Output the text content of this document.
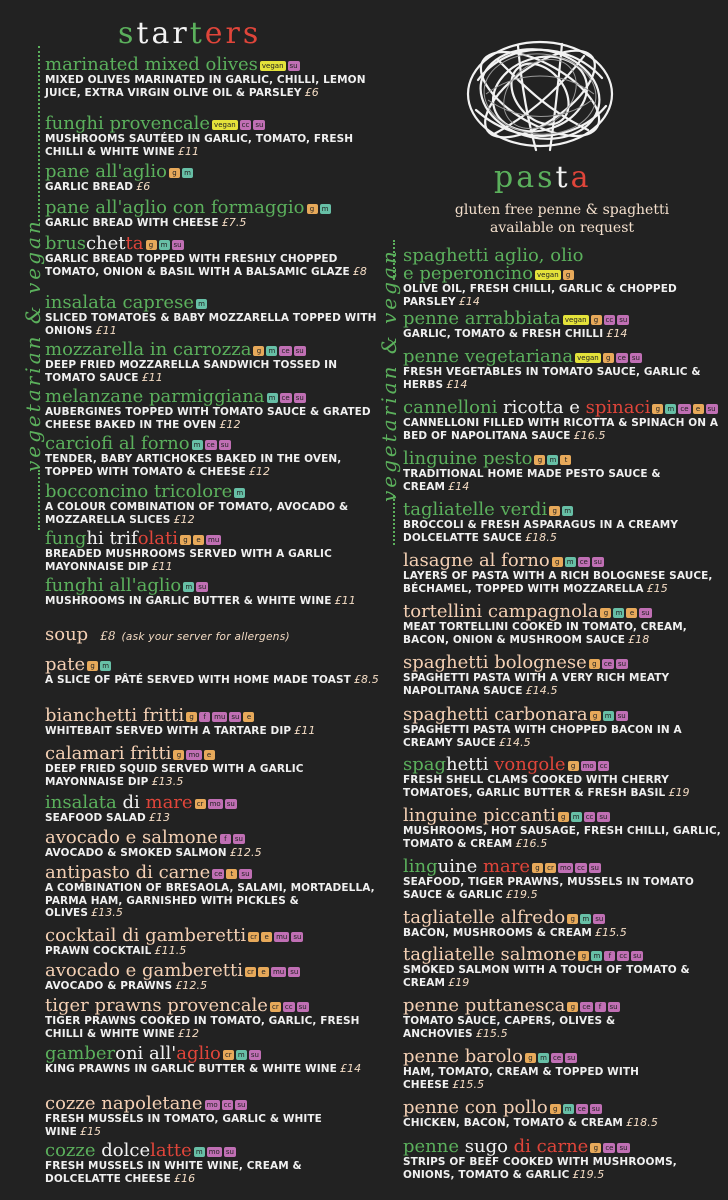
starters
vegetarian & vegan
marinated mixed olives vegan su
MIXED OLIVES MARINATED IN GARLIC, CHILLI, LEMON JUICE, EXTRA VIRGIN OLIVE OIL & PARSLEY £6
funghi provencale vegan cc su
MUSHROOMS SAUTÉED IN GARLIC, TOMATO, FRESH CHILLI & WHITE WINE £11
pane all'aglio g m
GARLIC BREAD £6
pane all'aglio con formaggio g m
GARLIC BREAD WITH CHEESE £7.5
bruschetta g m su
GARLIC BREAD TOPPED WITH FRESHLY CHOPPED TOMATO, ONION & BASIL WITH A BALSAMIC GLAZE £8
insalata caprese m
SLICED TOMATOES & BABY MOZZARELLA TOPPED WITH ONIONS £11
mozzarella in carrozza g m ce su
DEEP FRIED MOZZARELLA SANDWICH TOSSED IN TOMATO SAUCE £11
melanzane parmiggiana m ce su
AUBERGINES TOPPED WITH TOMATO SAUCE & GRATED CHEESE BAKED IN THE OVEN £12
carciofi al forno m ce su
TENDER, BABY ARTICHOKES BAKED IN THE OVEN, TOPPED WITH TOMATO & CHEESE £12
bocconcino tricolore m
A COLOUR COMBINATION OF TOMATO, AVOCADO & MOZZARELLA SLICES £12
funghi trifolati g e mu
BREADED MUSHROOMS SERVED WITH A GARLIC MAYONNAISE DIP £11
funghi all'aglio m su
MUSHROOMS IN GARLIC BUTTER & WHITE WINE £11
soup £8 (ask your server for allergens)
pate g m
A SLICE OF PÂTÉ SERVED WITH HOME MADE TOAST £8.5
bianchetti fritti g f mu su e
WHITEBAIT SERVED WITH A TARTARE DIP £11
calamari fritti g mo e
DEEP FRIED SQUID SERVED WITH A GARLIC MAYONNAISE DIP £13.5
insalata di mare cr mo su
SEAFOOD SALAD £13
avocado e salmone f su
AVOCADO & SMOKED SALMON £12.5
antipasto di carne ce t su
A COMBINATION OF BRESAOLA, SALAMI, MORTADELLA, PARMA HAM, GARNISHED WITH PICKLES & OLIVES £13.5
cocktail di gamberetti cr e mu su
PRAWN COCKTAIL £11.5
avocado e gamberetti cr e mu su
AVOCADO & PRAWNS £12.5
tiger prawns provencale cr cc su
TIGER PRAWNS COOKED IN TOMATO, GARLIC, FRESH CHILLI & WHITE WINE £12
gamberoni all'aglio cr m su
KING PRAWNS IN GARLIC BUTTER & WHITE WINE £14
cozze napoletane mo cc su
FRESH MUSSELS IN TOMATO, GARLIC & WHITE WINE £15
cozze dolcelatte m mo su
FRESH MUSSELS IN WHITE WINE, CREAM & DOLCELATTE CHEESE £16
pasta
gluten free penne & spaghetti
available on request
vegetarian & vegan spaghetti aglio, olio
e peperoncino vegan g
OLIVE OIL, FRESH CHILLI, GARLIC & CHOPPED PARSLEY £14
penne arrabbiata vegan g cc su
GARLIC, TOMATO & FRESH CHILLI £14
penne vegetariana vegan g ce su
FRESH VEGETABLES IN TOMATO SAUCE, GARLIC & HERBS £14
cannelloni ricotta e spinaci g m ce e su
CANNELLONI FILLED WITH RICOTTA & SPINACH ON A BED OF NAPOLITANA SAUCE £16.5
linguine pesto g m t
TRADITIONAL HOME MADE PESTO SAUCE & CREAM £14
tagliatelle verdi g m
BROCCOLI & FRESH ASPARAGUS IN A CREAMY DOLCELATTE SAUCE £18.5
lasagne al forno g m ce su
LAYERS OF PASTA WITH A RICH BOLOGNESE SAUCE, BÉCHAMEL, TOPPED WITH MOZZARELLA £15
tortellini campagnola g m e su
MEAT TORTELLINI COOKED IN TOMATO, CREAM, BACON, ONION & MUSHROOM SAUCE £18
spaghetti bolognese g ce su
SPAGHETTI PASTA WITH A VERY RICH MEATY NAPOLITANA SAUCE £14.5
spaghetti carbonara g m su
SPAGHETTI PASTA WITH CHOPPED BACON IN A CREAMY SAUCE £14.5
spaghetti vongole g mo cc
FRESH SHELL CLAMS COOKED WITH CHERRY TOMATOES, GARLIC BUTTER & FRESH BASIL £19
linguine piccanti g m cc su
MUSHROOMS, HOT SAUSAGE, FRESH CHILLI, GARLIC, TOMATO & CREAM £16.5
linguine mare g cr mo cc su
SEAFOOD, TIGER PRAWNS, MUSSELS IN TOMATO SAUCE & GARLIC £19.5
tagliatelle alfredo g m su
BACON, MUSHROOMS & CREAM £15.5
tagliatelle salmone g m f cc su
SMOKED SALMON WITH A TOUCH OF TOMATO & CREAM £19
penne puttanesca g ce f su
TOMATO SAUCE, CAPERS, OLIVES & ANCHOVIES £15.5
penne barolo g m ce su
HAM, TOMATO, CREAM & TOPPED WITH CHEESE £15.5
penne con pollo g m ce su
CHICKEN, BACON, TOMATO & CREAM £18.5
penne sugo di carne g ce su
STRIPS OF BEEF COOKED WITH MUSHROOMS, ONIONS, TOMATO & GARLIC £19.5
